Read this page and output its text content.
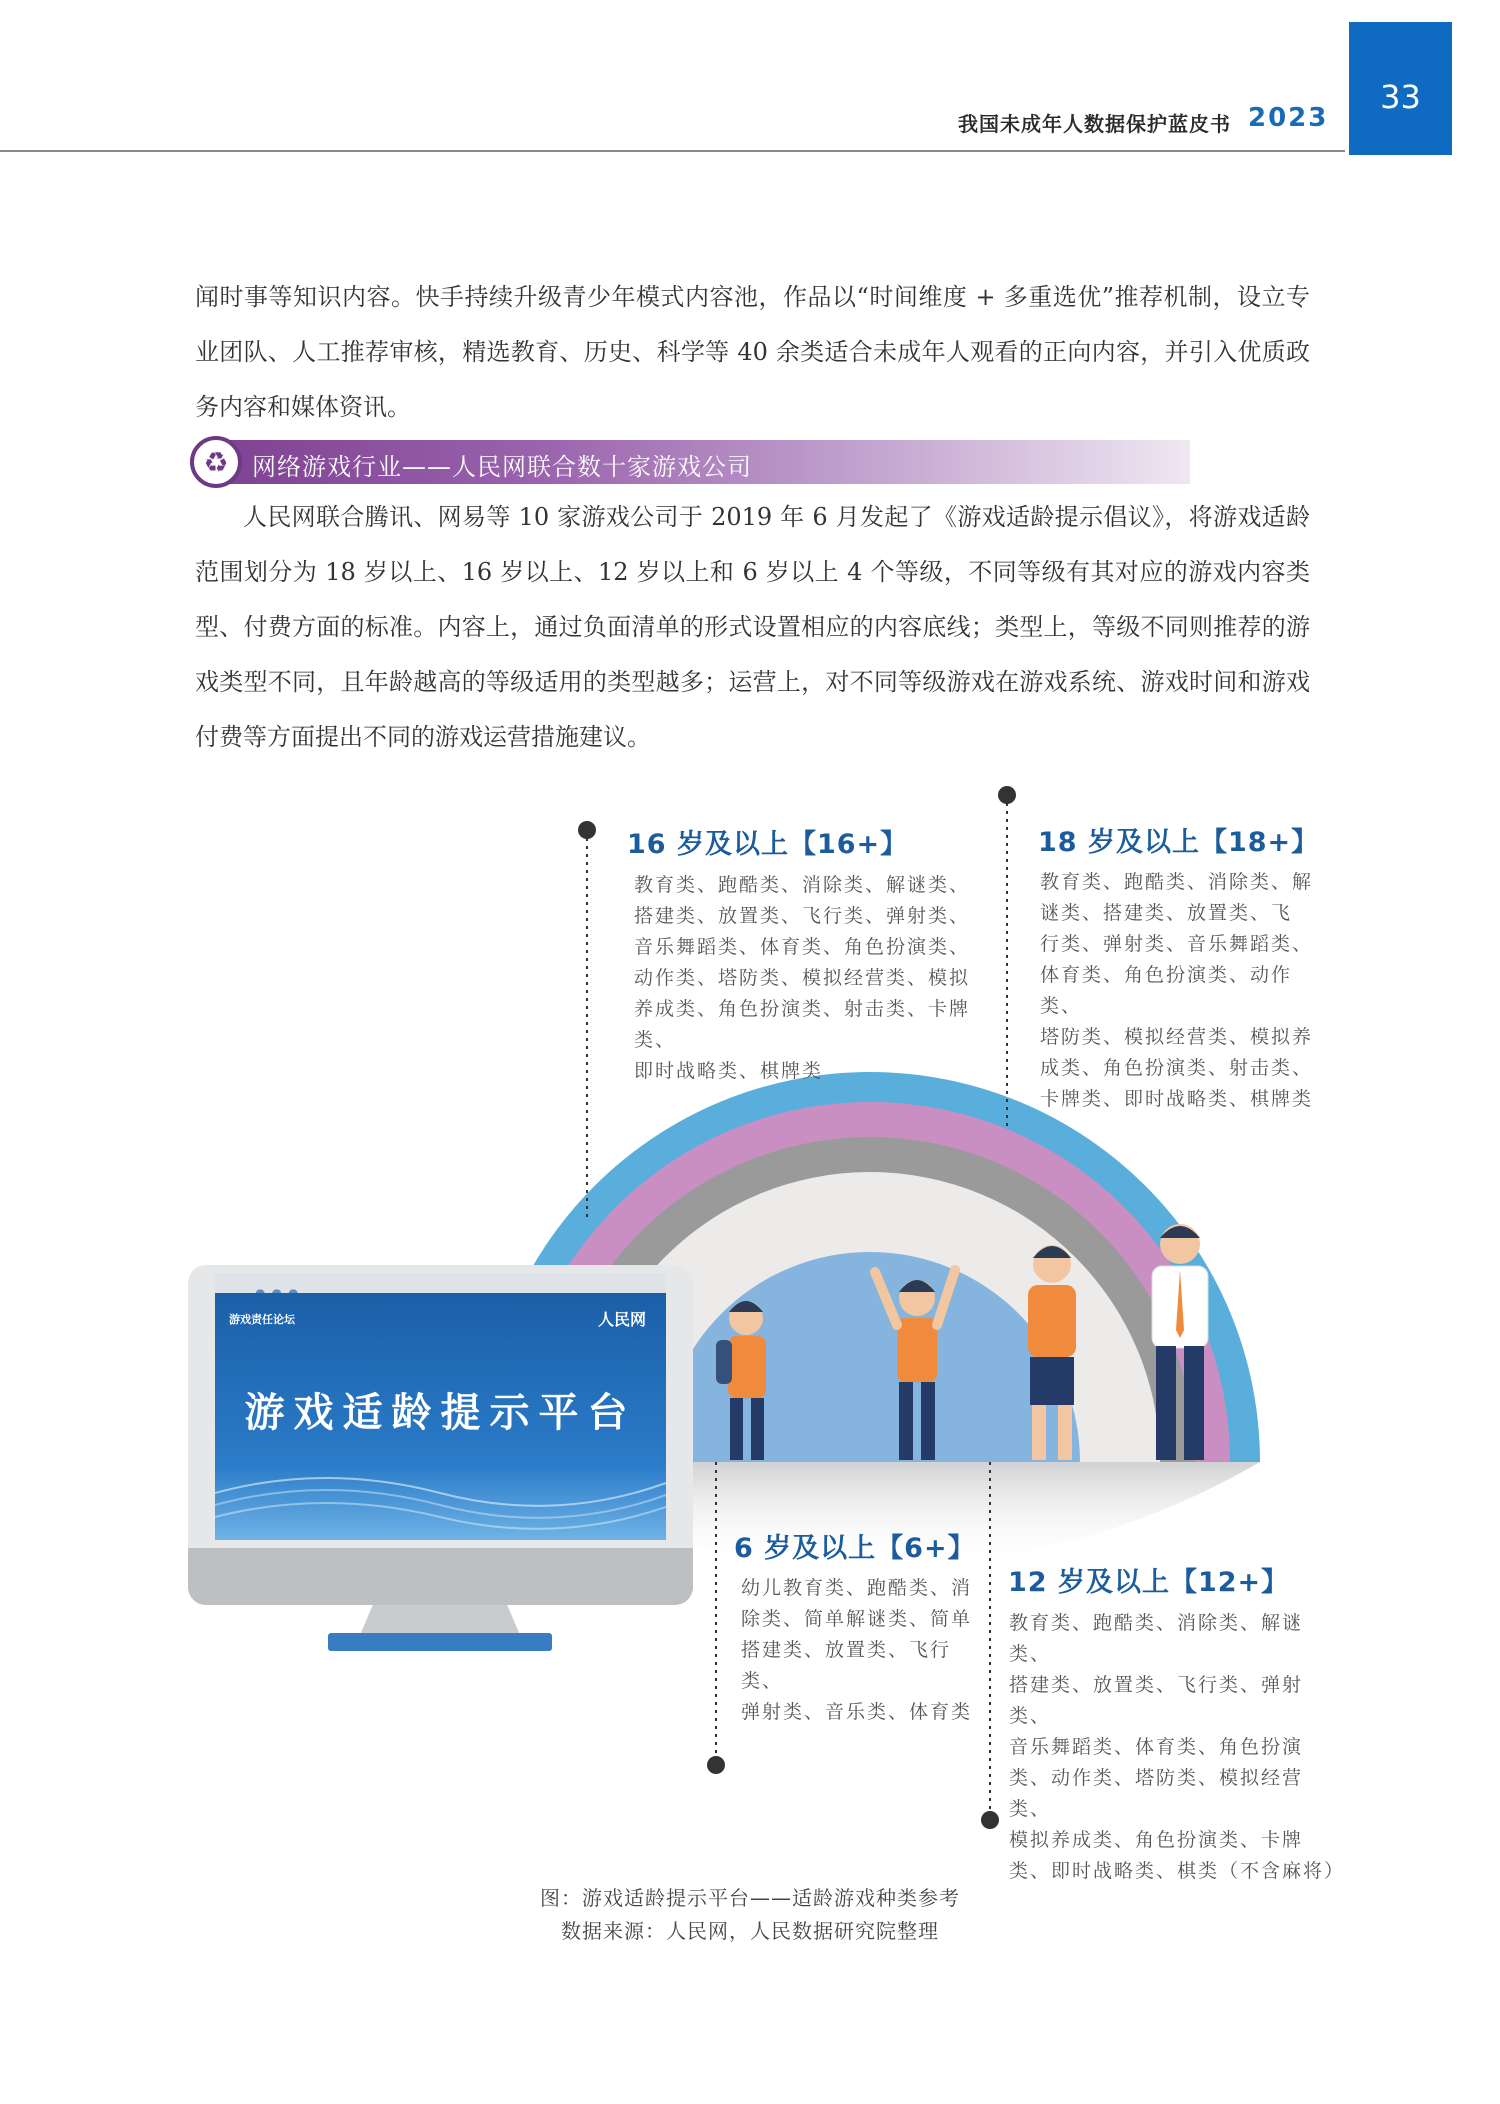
我国未成年人数据保护蓝皮书 2023
33
闻时事等知识内容。快手持续升级青少年模式内容池，作品以“时间维度 + 多重选优”推荐机制，设立专业团队、人工推荐审核，精选教育、历史、科学等 40 余类适合未成年人观看的正向内容，并引入优质政务内容和媒体资讯。
♻ 网络游戏行业——人民网联合数十家游戏公司
人民网联合腾讯、网易等 10 家游戏公司于 2019 年 6 月发起了《游戏适龄提示倡议》，将游戏适龄范围划分为 18 岁以上、16 岁以上、12 岁以上和 6 岁以上 4 个等级，不同等级有其对应的游戏内容类型、付费方面的标准。内容上，通过负面清单的形式设置相应的内容底线；类型上，等级不同则推荐的游戏类型不同，且年龄越高的等级适用的类型越多；运营上，对不同等级游戏在游戏系统、游戏时间和游戏付费等方面提出不同的游戏运营措施建议。
16 岁及以上【16+】
教育类、跑酷类、消除类、解谜类、
搭建类、放置类、飞行类、弹射类、
音乐舞蹈类、体育类、角色扮演类、
动作类、塔防类、模拟经营类、模拟
养成类、角色扮演类、射击类、卡牌类、
即时战略类、棋牌类
18 岁及以上【18+】
教育类、跑酷类、消除类、解
谜类、搭建类、放置类、飞
行类、弹射类、音乐舞蹈类、
体育类、角色扮演类、动作类、
塔防类、模拟经营类、模拟养
成类、角色扮演类、射击类、
卡牌类、即时战略类、棋牌类
6 岁及以上【6+】
幼儿教育类、跑酷类、消
除类、简单解谜类、简单
搭建类、放置类、飞行类、
弹射类、音乐类、体育类
12 岁及以上【12+】
教育类、跑酷类、消除类、解谜类、
搭建类、放置类、飞行类、弹射类、
音乐舞蹈类、体育类、角色扮演
类、动作类、塔防类、模拟经营类、
模拟养成类、角色扮演类、卡牌
类、即时战略类、棋类（不含麻将）
游戏责任论坛	人民网
游戏适龄提示平台
图：游戏适龄提示平台——适龄游戏种类参考
数据来源：人民网，人民数据研究院整理
